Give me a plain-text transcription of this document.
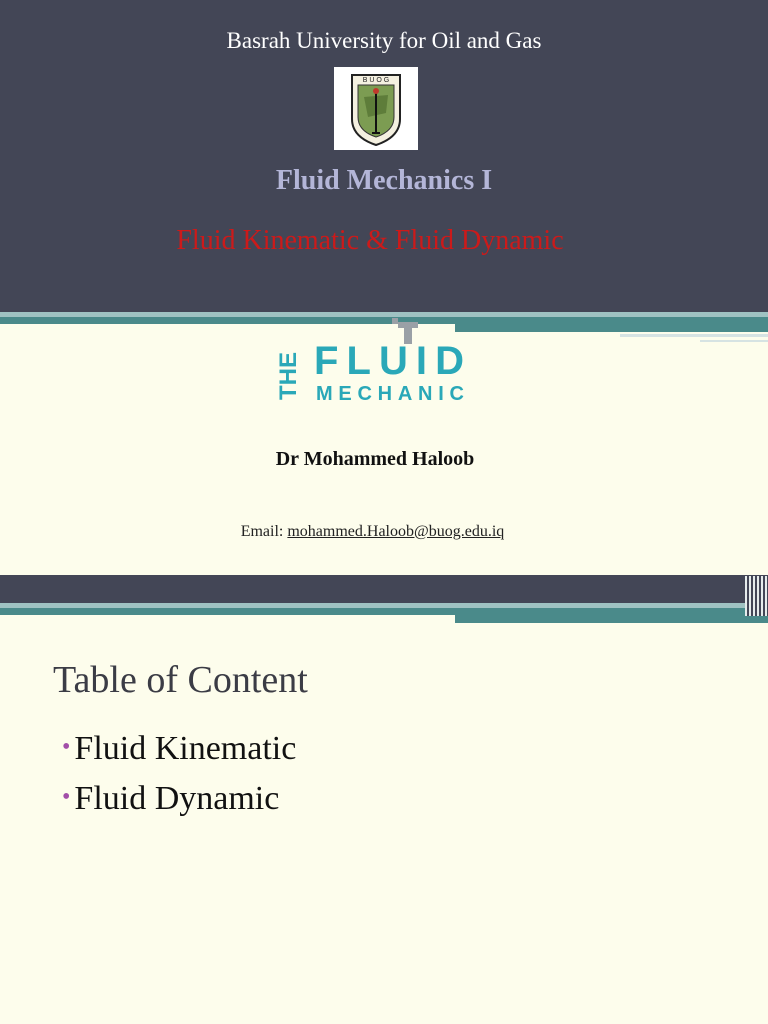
Basrah University for Oil and Gas
B U O G
Fluid Mechanics I
Fluid Kinematic & Fluid Dynamic
THE FLUID
MECHANIC
Dr Mohammed Haloob
Email: mohammed.Haloob@buog.edu.iq
Table of Content
• Fluid Kinematic
• Fluid Dynamic
